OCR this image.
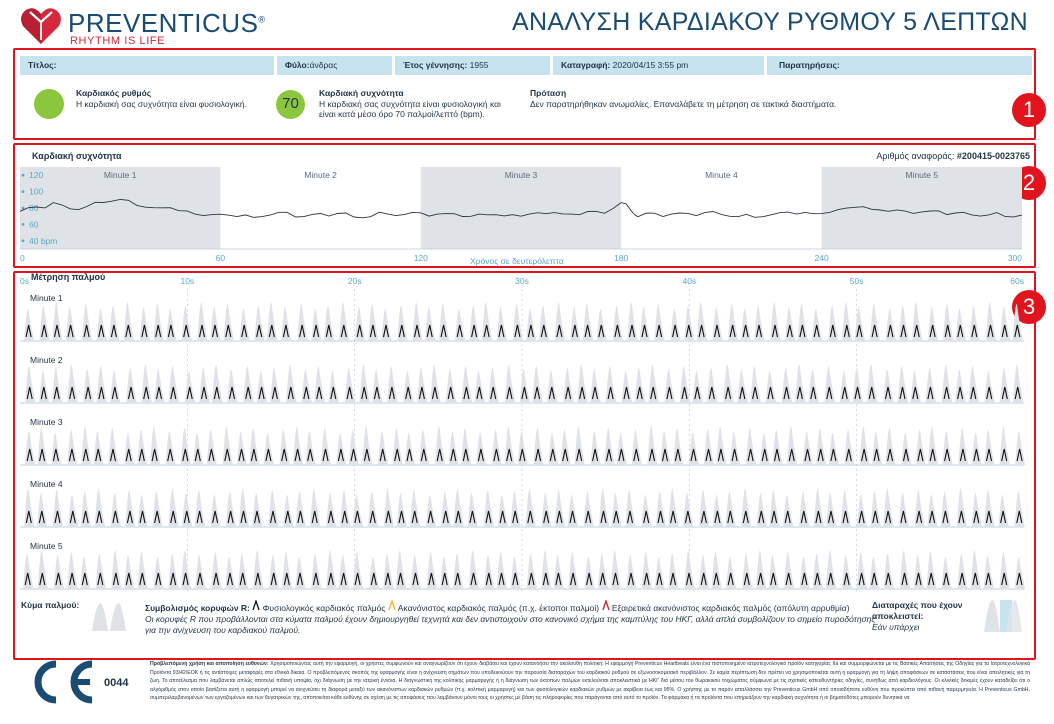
PREVENTICUS®
RHYTHM IS LIFE
ΑΝΑΛΥΣΗ ΚΑΡΔΙΑΚΟΥ ΡΥΘΜΟΥ 5 ΛΕΠΤΩΝ
1
2
3
Τίτλος:	Φύλο:άνδρας	Έτος γέννησης: 1955	Καταγραφή: 2020/04/15 3:55 pm	Παρατηρήσεις:
Καρδιακός ρυθμός
Η καρδιακή σας συχνότητα είναι φυσιολογική.	70
Καρδιακή συχνότητα
Η καρδιακή σας συχνότητα είναι φυσιολογική και είναι κατά μέσο όρο 70 παλμοί/λεπτό (bpm).
Πρόταση
Δεν παρατηρήθηκαν ανωμαλίες. Επαναλάβετε τη μέτρηση σε τακτικά διαστήματα.
Καρδιακή συχνότητα	Αριθμός αναφοράς: #200415-0023765
Minute 1	Minute 2	Minute 3	Minute 4	Minute 5
120
100
80
60
40 bpm
0	60	120	180	240	300
Χρόνος σε δευτερόλεπτα
0s	10s	20s	30s	40s	50s	60s
Minute 1
Minute 2
Minute 3
Minute 4
Minute 5
Μέτρηση παλμού
Κύμα παλμού:	Συμβολισμός κορυφών R: Φυσιολογικός καρδιακός παλμός Ακανόνιστος καρδιακός παλμός (π.χ. έκτοποι παλμοί) Εξαιρετικά ακανόνιστος καρδιακός παλμός (απόλυτη αρρυθμία)
Οι κορυφές R που προβάλλονται στα κύματα παλμού έχουν δημιουργηθεί τεχνητά και δεν αντιστοιχούν στο κανονικό σχήμα της καμπύλης του ΗΚΓ, αλλά απλά συμβολίζουν το σημείο πυροδότησης για την ανίχνευση του καρδιακού παλμού.
Διαταραχές που έχουν αποκλειστεί:
Εάν υπάρχει
0044
Προβλεπόμενη χρήση και αποποίηση ευθυνών: Χρησιμοποιώντας αυτή την εφαρμογή, οι χρήστες συμφωνούν και αναγνωρίζουν ότι έχουν διαβάσει και έχουν κατανοήσει την ακόλουθη πολιτική: Η εφαρμογή Preventicus Heartbeats είναι ένα πιστοποιημένο ιατροτεχνολογικό προϊόν κατηγορίας IIa και συμμορφώνεται με τις Βασικές Απαιτήσεις της Οδηγίας για τα Ιατροτεχνολογικά Προϊόντα 93/42/ΕΟΚ ή τις αντίστοιχες μεταφορές στα εθνικά δίκαια. Ο προβλεπόμενος σκοπός της εφαρμογής είναι η ανίχνευση σημάτων που υποδεικνύουν την παρουσία διαταραχών του καρδιακού ρυθμού σε εξωνοσοκομειακό περιβάλλον. Σε καμία περίπτωση δεν πρέπει να χρησιμοποιείται αυτή η εφαρμογή για τη λήψη αποφάσεων σε καταστάσεις που είναι απειλητικές για τη ζωή. Το αποτέλεσμα που λαμβάνεται απλώς αποτελεί πιθανή υποψία, όχι διάγνωση με την ιατρική έννοια. Η διαγνωστική της κολπικής μαρμαρυγής ή η διάγνωση των έκτοπων παλμών εκτελούνται αποκλειστικά με ΗΚΓ διά μέσου του θωρακικού τοιχώματος σύμφωνα με τις σχετικές κατευθυντήριες οδηγίες, συνήθως από καρδιολόγους. Οι κλινικές δοκιμές έχουν καταδείξει ότι ο αλγόριθμός στον οποίο βασίζεται αυτή η εφαρμογή μπορεί να ανιχνεύσει τη διαφορά μεταξύ των ακανόνιστων καρδιακών ρυθμών (π.χ. κολπική μαρμαρυγή) και των φυσιολογικών καρδιακών ρυθμών με ακρίβεια έως και 95%. Ο χρήστης με το παρόν απαλλάσσει την Preventicus GmbH από οποιαδήποτε ευθύνη που προκύπτει από πιθανή παρερμηνεία. Η Preventicus GmbH, συμπεριλαμβανομένων των εργαζομένων και των θυγατρικών της, αποποιείται κάθε ευθύνης σε σχέση με τις αποφάσεις που λαμβάνουν μόνοι τους οι χρήστες με βάση τις πληροφορίες που παράγονται από αυτό το προϊόν. Τα φάρμακα ή τα προϊόντα που επηρεάζουν την καρδιακή συχνότητα ή οι βηματοδότες μπορούν δυνητικά να
